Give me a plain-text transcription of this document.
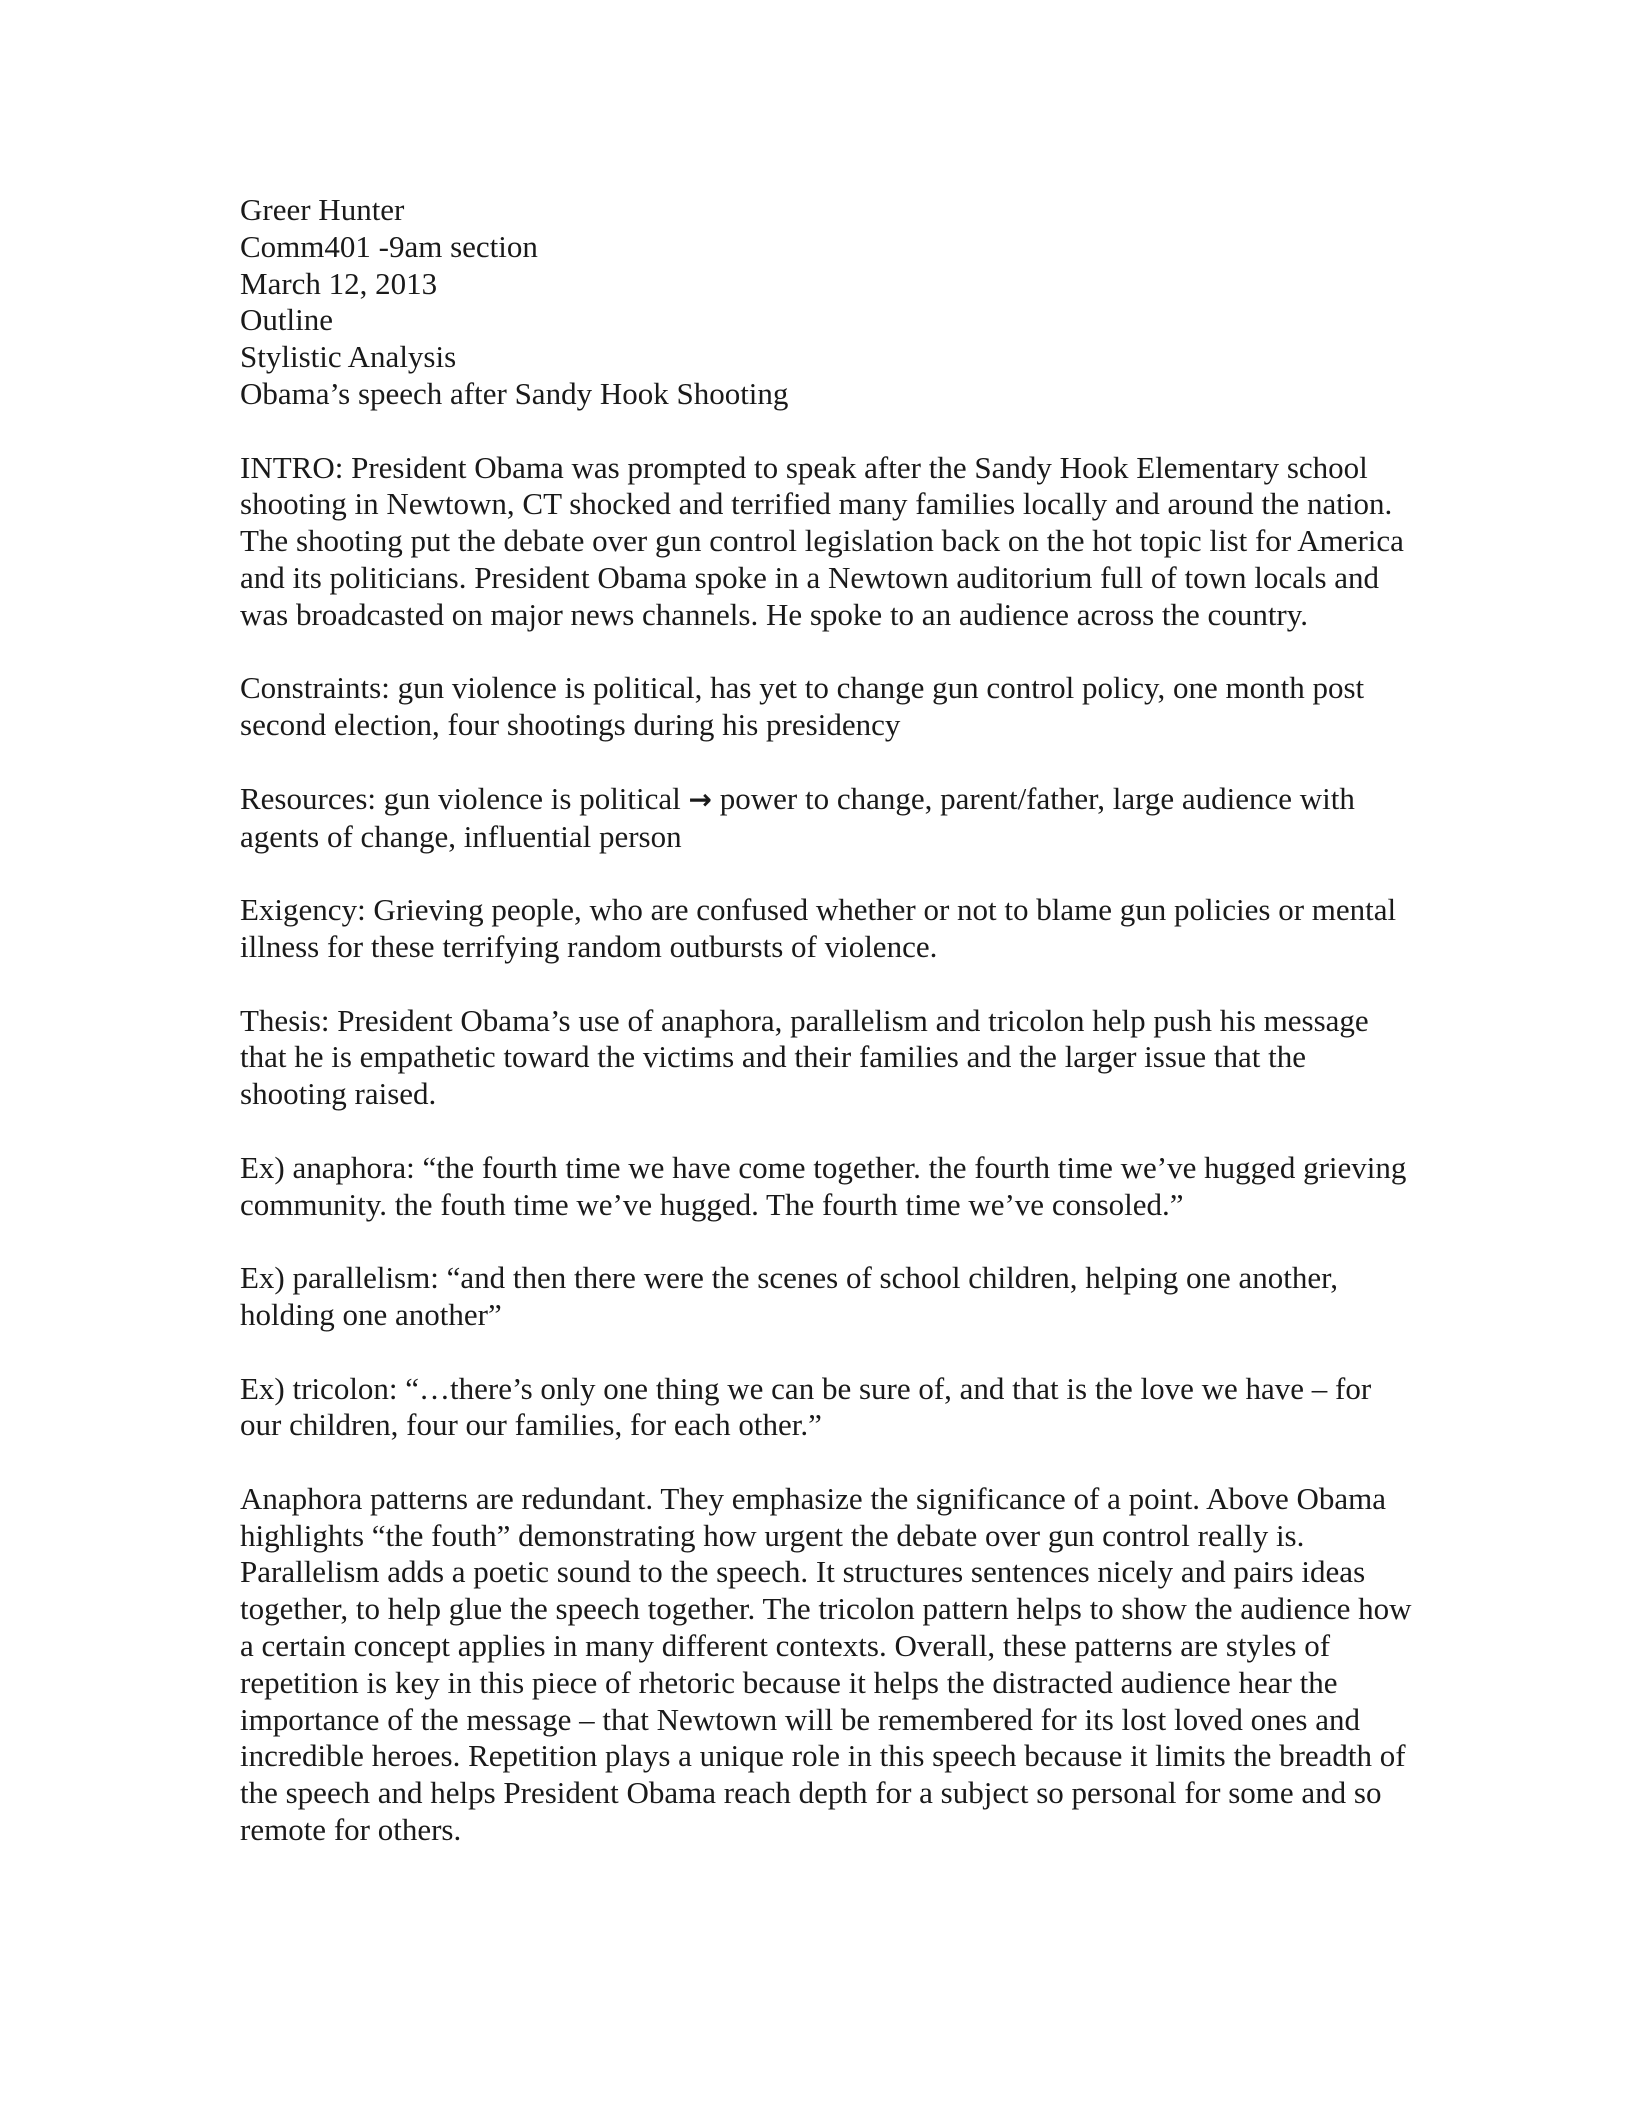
Greer Hunter
Comm401 -9am section
March 12, 2013
Outline
Stylistic Analysis
Obama’s speech after Sandy Hook Shooting

INTRO: President Obama was prompted to speak after the Sandy Hook Elementary school shooting in Newtown, CT shocked and terrified many families locally and around the nation. The shooting put the debate over gun control legislation back on the hot topic list for America and its politicians. President Obama spoke in a Newtown auditorium full of town locals and was broadcasted on major news channels. He spoke to an audience across the country.

Constraints: gun violence is political, has yet to change gun control policy, one month post second election, four shootings during his presidency

Resources: gun violence is political → power to change, parent/father, large audience with agents of change, influential person

Exigency: Grieving people, who are confused whether or not to blame gun policies or mental illness for these terrifying random outbursts of violence.

Thesis: President Obama’s use of anaphora, parallelism and tricolon help push his message that he is empathetic toward the victims and their families and the larger issue that the shooting raised.

Ex) anaphora: “the fourth time we have come together. the fourth time we’ve hugged grieving community. the fouth time we’ve hugged. The fourth time we’ve consoled.”

Ex) parallelism: “and then there were the scenes of school children, helping one another, holding one another”

Ex) tricolon: “…there’s only one thing we can be sure of, and that is the love we have – for our children, four our families, for each other.”

Anaphora patterns are redundant. They emphasize the significance of a point. Above Obama highlights “the fouth” demonstrating how urgent the debate over gun control really is. Parallelism adds a poetic sound to the speech. It structures sentences nicely and pairs ideas together, to help glue the speech together. The tricolon pattern helps to show the audience how a certain concept applies in many different contexts. Overall, these patterns are styles of repetition is key in this piece of rhetoric because it helps the distracted audience hear the importance of the message – that Newtown will be remembered for its lost loved ones and incredible heroes. Repetition plays a unique role in this speech because it limits the breadth of the speech and helps President Obama reach depth for a subject so personal for some and so remote for others.
